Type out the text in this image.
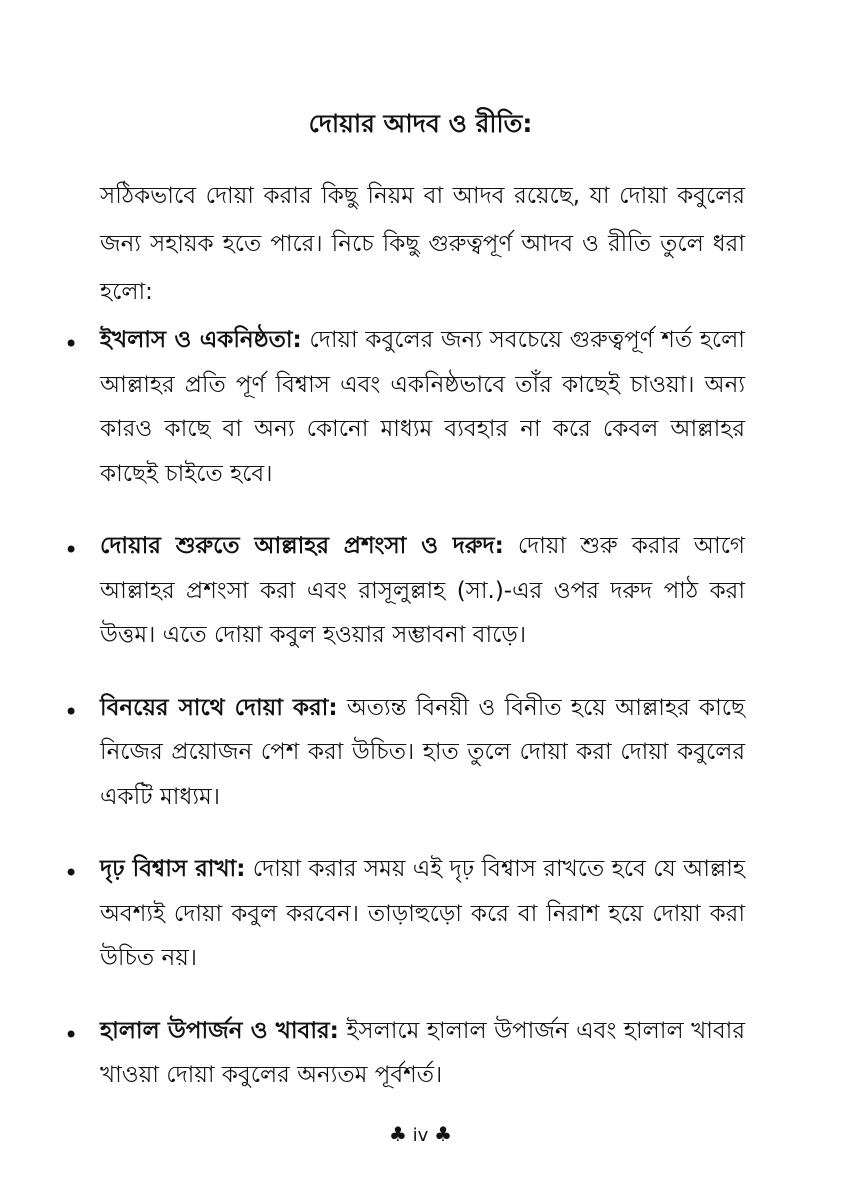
দোয়ার আদব ও রীতি:
সঠিকভাবে দোয়া করার কিছু নিয়ম বা আদব রয়েছে, যা দোয়া কবুলের জন্য সহায়ক হতে পারে। নিচে কিছু গুরুত্বপূর্ণ আদব ও রীতি তুলে ধরা হলো:
• ইখলাস ও একনিষ্ঠতা: দোয়া কবুলের জন্য সবচেয়ে গুরুত্বপূর্ণ শর্ত হলো আল্লাহর প্রতি পূর্ণ বিশ্বাস এবং একনিষ্ঠভাবে তাঁর কাছেই চাওয়া। অন্য কারও কাছে বা অন্য কোনো মাধ্যম ব্যবহার না করে কেবল আল্লাহর কাছেই চাইতে হবে।
• দোয়ার শুরুতে আল্লাহর প্রশংসা ও দরুদ: দোয়া শুরু করার আগে আল্লাহর প্রশংসা করা এবং রাসূলুল্লাহ (সা.)-এর ওপর দরুদ পাঠ করা উত্তম। এতে দোয়া কবুল হওয়ার সম্ভাবনা বাড়ে।
• বিনয়ের সাথে দোয়া করা: অত্যন্ত বিনয়ী ও বিনীত হয়ে আল্লাহর কাছে নিজের প্রয়োজন পেশ করা উচিত। হাত তুলে দোয়া করা দোয়া কবুলের একটি মাধ্যম।
• দৃঢ় বিশ্বাস রাখা: দোয়া করার সময় এই দৃঢ় বিশ্বাস রাখতে হবে যে আল্লাহ অবশ্যই দোয়া কবুল করবেন। তাড়াহুড়ো করে বা নিরাশ হয়ে দোয়া করা উচিত নয়।
• হালাল উপার্জন ও খাবার: ইসলামে হালাল উপার্জন এবং হালাল খাবার খাওয়া দোয়া কবুলের অন্যতম পূর্বশর্ত।
♣ iv ♣
